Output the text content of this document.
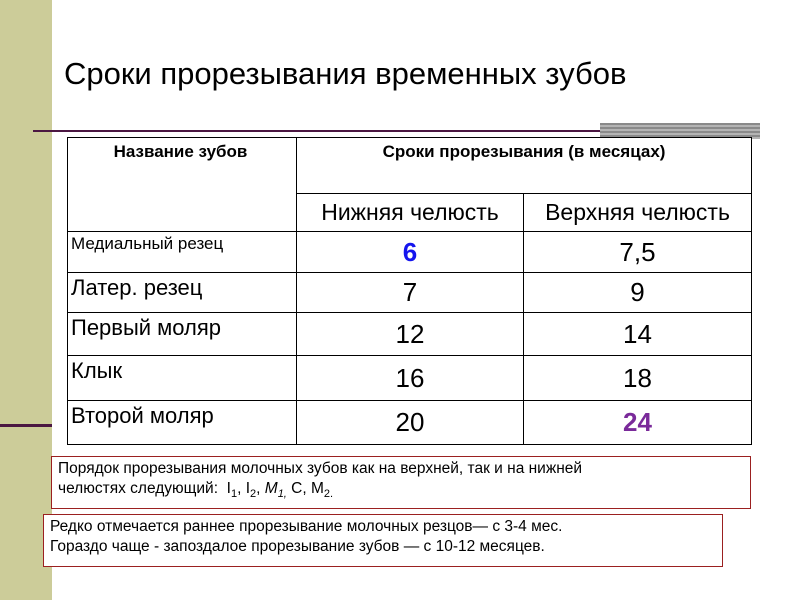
Сроки прорезывания временных зубов
Название зубов	Сроки прорезывания (в месяцах)	
	Нижняя челюсть	Верхняя челюсть
Медиальный резец	6	7,5
Латер. резец	7	9
Первый моляр	12	14
Клык	16	18
Второй моляр	20	24
Порядок прорезывания молочных зубов как на верхней, так и на нижней
челюстях следующий:  $I_1$, $I_2$, $M_{1,}$ С, $M_{2.}$
Редко отмечается раннее прорезывание молочных резцов— с 3-4 мес.
Гораздо чаще - запоздалое прорезывание зубов — с 10-12 месяцев.
